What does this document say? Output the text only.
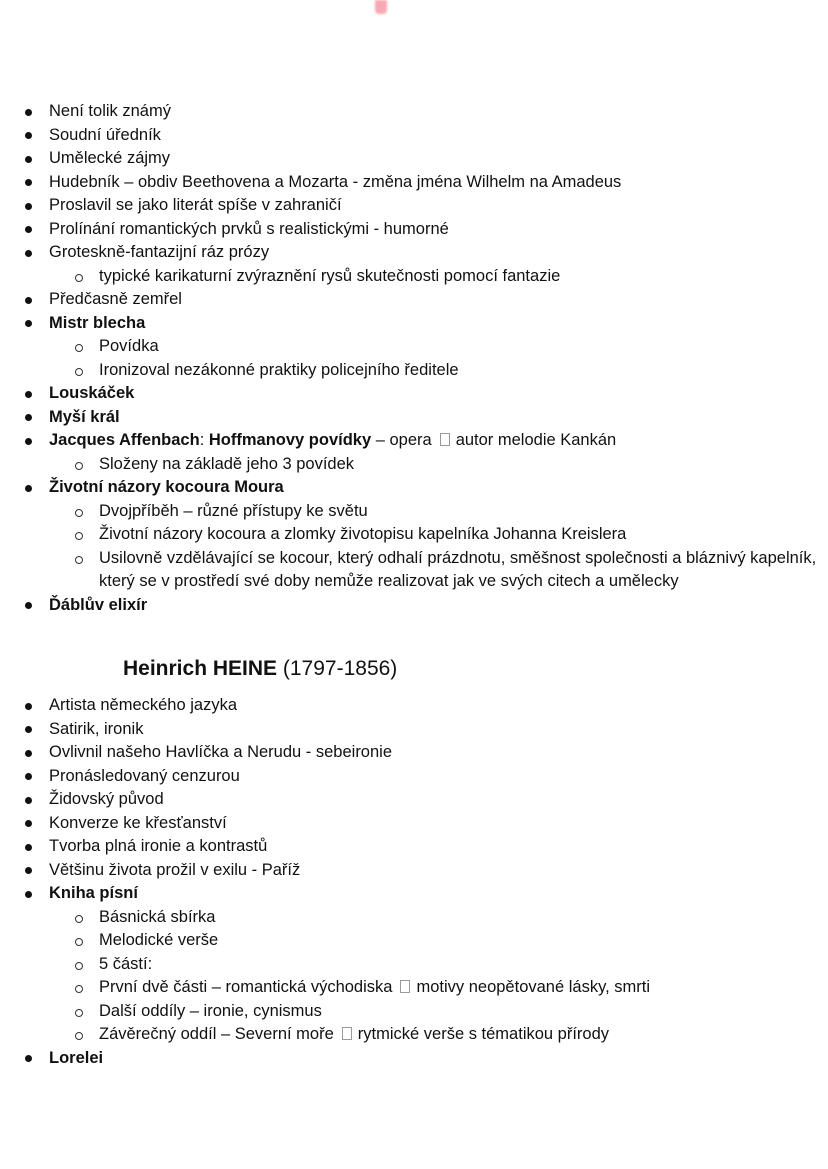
Není tolik známý
Soudní úředník
Umělecké zájmy
Hudebník – obdiv Beethovena a Mozarta - změna jména Wilhelm na Amadeus
Proslavil se jako literát spíše v zahraničí
Prolínání romantických prvků s realistickými - humorné
Groteskně-fantazijní ráz prózy
typické karikaturní zvýraznění rysů skutečnosti pomocí fantazie
Předčasně zemřel
Mistr blecha
Povídka
Ironizoval nezákonné praktiky policejního ředitele
Louskáček
Myší král
Jacques Affenbach: Hoffmanovy povídky – opera autor melodie Kankán
Složeny na základě jeho 3 povídek
Životní názory kocoura Moura
Dvojpříběh – různé přístupy ke světu
Životní názory kocoura a zlomky životopisu kapelníka Johanna Kreislera
Usilovně vzdělávající se kocour, který odhalí prázdnotu, směšnost společnosti a bláznivý kapelník, který se v prostředí své doby nemůže realizovat jak ve svých citech a umělecky
Ďáblův elixír
Heinrich HEINE (1797-1856)
Artista německého jazyka
Satirik, ironik
Ovlivnil našeho Havlíčka a Nerudu - sebeironie
Pronásledovaný cenzurou
Židovský původ
Konverze ke křesťanství
Tvorba plná ironie a kontrastů
Většinu života prožil v exilu - Paříž
Kniha písní
Básnická sbírka
Melodické verše
5 částí:
První dvě části – romantická východiska motivy neopětované lásky, smrti
Další oddíly – ironie, cynismus
Závěrečný oddíl – Severní moře rytmické verše s tématikou přírody
Lorelei
